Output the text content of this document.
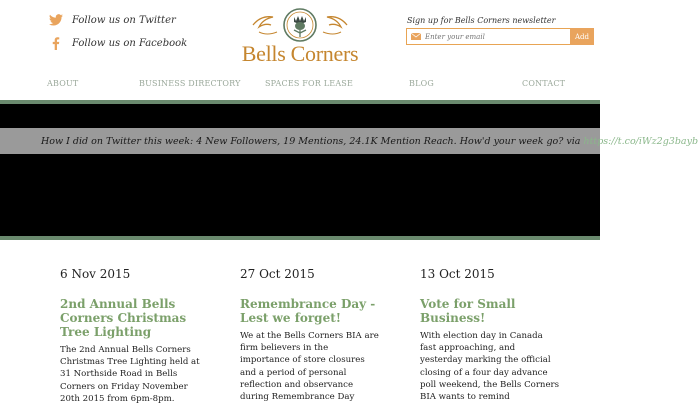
Follow us on Twitter
Follow us on Facebook	Bells Corners
Sign up for Bells Corners newsletter
Enter your email
Add
ABOUT	BUSINESS DIRECTORY	SPACES FOR LEASE	BLOG	CONTACT
How I did on Twitter this week: 4 New Followers, 19 Mentions, 24.1K Mention Reach. How'd your week go? via https://t.co/iWz2g3bayb
6 Nov 2015
2nd Annual Bells Corners Christmas Tree Lighting
The 2nd Annual Bells Corners Christmas Tree Lighting held at 31 Northside Road in Bells Corners on Friday November 20th 2015 from 6pm-8pm.
27 Oct 2015
Remembrance Day - Lest we forget!
We at the Bells Corners BIA are firm believers in the importance of store closures and a period of personal reflection and observance during Remembrance Day
13 Oct 2015
Vote for Small Business!
With election day in Canada fast approaching, and yesterday marking the official closing of a four day advance poll weekend, the Bells Corners BIA wants to remind
